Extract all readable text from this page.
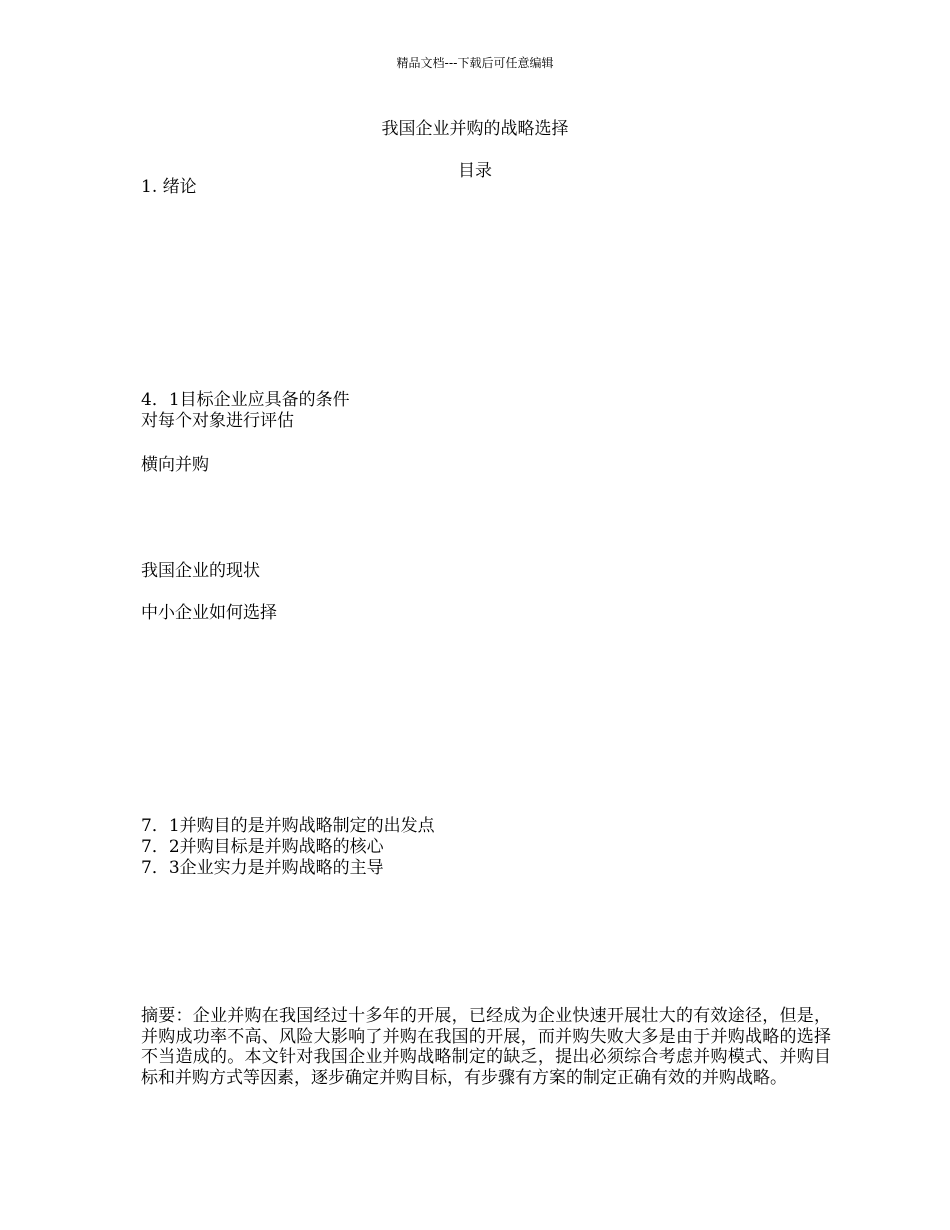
精品文档---下载后可任意编辑
我国企业并购的战略选择
目录
1. 绪论
4．1目标企业应具备的条件
对每个对象进行评估
横向并购
我国企业的现状
中小企业如何选择
7．1并购目的是并购战略制定的出发点
7．2并购目标是并购战略的核心
7．3企业实力是并购战略的主导

摘要：企业并购在我国经过十多年的开展，已经成为企业快速开展壮大的有效途径，但是，并购成功率不高、风险大影响了并购在我国的开展，而并购失败大多是由于并购战略的选择不当造成的。本文针对我国企业并购战略制定的缺乏，提出必须综合考虑并购模式、并购目标和并购方式等因素，逐步确定并购目标，有步骤有方案的制定正确有效的并购战略。
